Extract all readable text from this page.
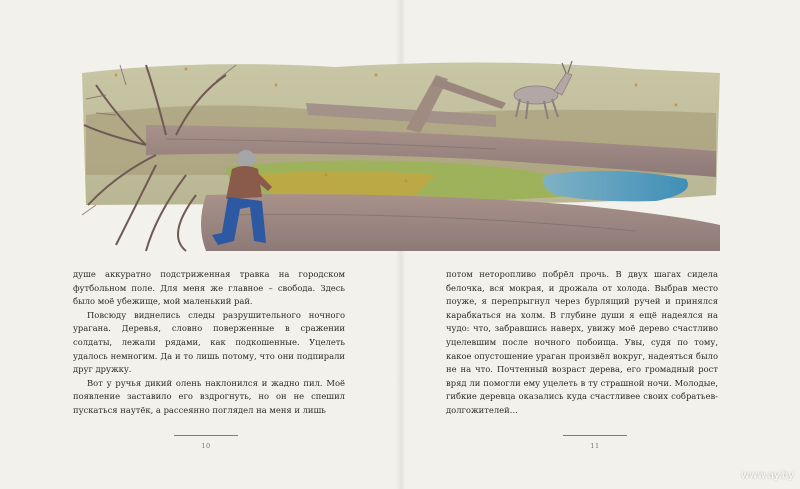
душе аккуратно подстриженная травка на городском футбольном поле. Для меня же главное – свобода. Здесь было моё убежище, мой маленький рай.

Повсюду виднелись следы разрушительного ночного урагана. Деревья, словно поверженные в сражении солдаты, лежали рядами, как подкошенные. Уцелеть удалось немногим. Да и то лишь потому, что они подпирали друг дружку.

Вот у ручья дикий олень наклонился и жадно пил. Моё появление заставило его вздрогнуть, но он не спешил пускаться наутёк, а рассеянно поглядел на меня и лишь

потом неторопливо побрёл прочь. В двух шагах сидела белочка, вся мокрая, и дрожала от холода. Выбрав место поуже, я перепрыгнул через бурлящий ручей и принялся карабкаться на холм. В глубине души я ещё надеялся на чудо: что, забравшись наверх, увижу моё дерево счастливо уцелевшим после ночного побоища. Увы, судя по тому, какое опустошение ураган произвёл вокруг, надеяться было не на что. Почтенный возраст дерева, его громадный рост вряд ли помогли ему уцелеть в ту страшной ночи. Молодые, гибкие деревца оказались куда счастливее своих собратьев-долгожителей…

10	11
www.ay.by
